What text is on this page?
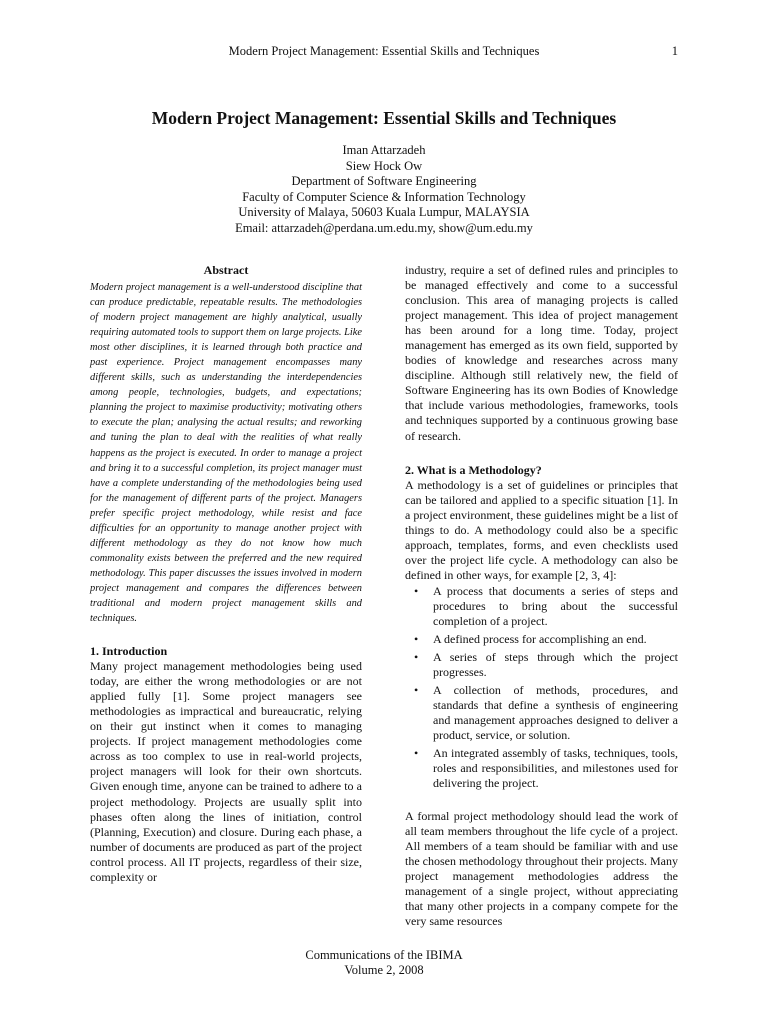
Modern Project Management: Essential Skills and Techniques	1
Modern Project Management: Essential Skills and Techniques
Iman Attarzadeh
Siew Hock Ow
Department of Software Engineering
Faculty of Computer Science & Information Technology
University of Malaya, 50603 Kuala Lumpur, MALAYSIA
Email: attarzadeh@perdana.um.edu.my, show@um.edu.my
Abstract

Modern project management is a well-understood discipline that can produce predictable, repeatable results. The methodologies of modern project management are highly analytical, usually requiring automated tools to support them on large projects. Like most other disciplines, it is learned through both practice and past experience. Project management encompasses many different skills, such as understanding the interdependencies among people, technologies, budgets, and expectations; planning the project to maximise productivity; motivating others to execute the plan; analysing the actual results; and reworking and tuning the plan to deal with the realities of what really happens as the project is executed. In order to manage a project and bring it to a successful completion, its project manager must have a complete understanding of the methodologies being used for the management of different parts of the project. Managers prefer specific project methodology, while resist and face difficulties for an opportunity to manage another project with different methodology as they do not know how much commonality exists between the preferred and the new required methodology. This paper discusses the issues involved in modern project management and compares the differences between traditional and modern project management skills and techniques.

1. Introduction

Many project management methodologies being used today, are either the wrong methodologies or are not applied fully [1]. Some project managers see methodologies as impractical and bureaucratic, relying on their gut instinct when it comes to managing projects. If project management methodologies come across as too complex to use in real-world projects, project managers will look for their own shortcuts. Given enough time, anyone can be trained to adhere to a project methodology. Projects are usually split into phases often along the lines of initiation, control (Planning, Execution) and closure. During each phase, a number of documents are produced as part of the project control process. All IT projects, regardless of their size, complexity or

industry, require a set of defined rules and principles to be managed effectively and come to a successful conclusion. This area of managing projects is called project management. This idea of project management has been around for a long time. Today, project management has emerged as its own field, supported by bodies of knowledge and researches across many discipline. Although still relatively new, the field of Software Engineering has its own Bodies of Knowledge that include various methodologies, frameworks, tools and techniques supported by a continuous growing base of research.

2. What is a Methodology?

A methodology is a set of guidelines or principles that can be tailored and applied to a specific situation [1]. In a project environment, these guidelines might be a list of things to do. A methodology could also be a specific approach, templates, forms, and even checklists used over the project life cycle. A methodology can also be defined in other ways, for example [2, 3, 4]:

• A process that documents a series of steps and procedures to bring about the successful completion of a project.
• A defined process for accomplishing an end.
• A series of steps through which the project progresses.
• A collection of methods, procedures, and standards that define a synthesis of engineering and management approaches designed to deliver a product, service, or solution.
• An integrated assembly of tasks, techniques, tools, roles and responsibilities, and milestones used for delivering the project.

A formal project methodology should lead the work of all team members throughout the life cycle of a project. All members of a team should be familiar with and use the chosen methodology throughout their projects. Many project management methodologies address the management of a single project, without appreciating that many other projects in a company compete for the very same resources

Communications of the IBIMA
Volume 2, 2008
